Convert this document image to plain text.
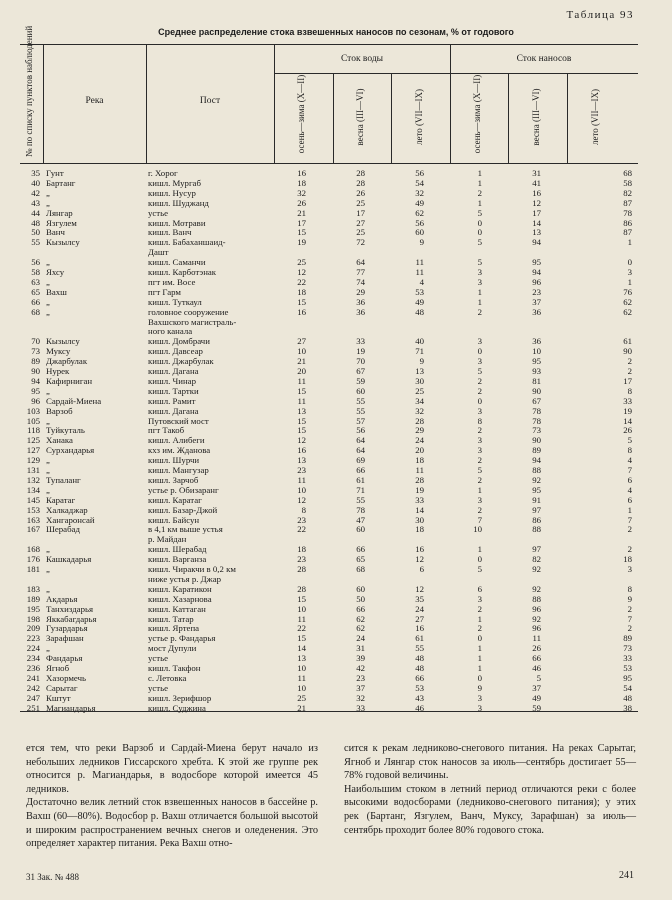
Таблица 93
Среднее распределение стока взвешенных наносов по сезонам, % от годового
№ по списку пунктов наблюдений	Река	Пост
Сток воды	Сток наносов
осень—зима (X—II)	весна (III—VI)	лето (VII—IX)	осень—зима (X—II)	весна (III—VI)	лето (VII—IX)
35 Гунт	г. Хорог	16	28	56	1	31	68
40 Бартанг	кишл. Мургаб	18	28	54	1	41	58
42 „	кишл. Нусур	32	26	32	2	16	82
43 „	кишл. Шуджанд	26	25	49	1	12	87
44 Лянгар	устье	21	17	62	5	17	78
48 Язгулем	кишл. Мотрави	17	27	56	0	14	86
50 Ванч	кишл. Ванч	15	25	60	0	13	87
55 Кызылсу	кишл. Бабаханшаид-	19	72	9	5	94	1
Дашт
56 „	кишл. Саманчи	25	64	11	5	95	0
58 Яхсу	кишл. Карботэнак	12	77	11	3	94	3
63 „	пгт им. Восе	22	74	4	3	96	1
65 Вахш	пгт Гарм	18	29	53	1	23	76
66 „	кишл. Туткаул	15	36	49	1	37	62
68 „	головное сооружение	16	36	48	2	36	62
Вахшского магистраль-
ного канала
70 Кызылсу	кишл. Домбрачи	27	33	40	3	36	61
73 Муксу	кишл. Давсеар	10	19	71	0	10	90
89 Джарбулак	кишл. Джарбулак	21	70	9	3	95	2
90 Нурек	кишл. Дагана	20	67	13	5	93	2
94 Кафирниган	кишл. Чинар	11	59	30	2	81	17
95 „	кишл. Тартки	15	60	25	2	90	8
96 Сардай-Миена	кишл. Рамит	11	55	34	0	67	33
103 Варзоб	кишл. Дагана	13	55	32	3	78	19
105 „	Путовский мост	15	57	28	8	78	14
118 Туйкуталь	пгт Такоб	15	56	29	2	73	26
125 Ханака	кишл. Алибеги	12	64	24	3	90	5
127 Сурхандарья	кхз им. Жданова	16	64	20	3	89	8
129 „	кишл. Шурчи	13	69	18	2	94	4
131 „	кишл. Мангузар	23	66	11	5	88	7
132 Тупаланг	кишл. Зарчоб	11	61	28	2	92	6
134 „	устье р. Обизаранг	10	71	19	1	95	4
145 Каратаг	кишл. Каратаг	12	55	33	3	91	6
153 Халкаджар	кишл. Базар-Джой	8	78	14	2	97	1
163 Хангаронсай	кишл. Байсун	23	47	30	7	86	7
167 Шерабад	в 4,1 км выше устья	22	60	18	10	88	2
р. Майдан
168 „	кишл. Шерабад	18	66	16	1	97	2
176 Кашкадарья	кишл. Варганза	23	65	12	0	82	18
181 „	кишл. Чиракчи в 0,2 км	28	68	6	5	92	3
ниже устья р. Джар
183 „	кишл. Каратикон	28	60	12	6	92	8
189 Акдарья	кишл. Хазарнова	15	50	35	3	88	9
195 Танхиздарья	кишл. Каттаган	10	66	24	2	96	2
198 Яккабагдарья	кишл. Татар	11	62	27	1	92	7
209 Гузардарья	кишл. Яртепа	22	62	16	2	96	2
223 Зарафшан	устье р. Фандарья	15	24	61	0	11	89
224 „	мост Дупули	14	31	55	1	26	73
234 Фандарья	устье	13	39	48	1	66	33
236 Ягноб	кишл. Такфон	10	42	48	1	46	53
241 Хазормечь	с. Летовка	11	23	66	0	5	95
242 Сарытаг	устье	10	37	53	9	37	54
247 Кштут	кишл. Зерифшор	25	32	43	3	49	48
251 Магиандарья	кишл. Суджина	21	33	46	3	59	38
ется тем, что реки Варзоб и Сардай-Миена берут начало из небольших ледников Гиссарского хребта. К этой же группе рек относится р. Магиандарья, в водосборе которой имеется 45 ледников.
Достаточно велик летний сток взвешенных наносов в бассейне р. Вахш (60—80%). Водосбор р. Вахш отличается большой высотой и широким распространением вечных снегов и оледенения. Это определяет характер питания. Река Вахш отно-
сится к рекам ледниково-снегового питания. На реках Сарытаг, Ягноб и Лянгар сток наносов за июль—сентябрь достигает 55—78% годовой величины.
Наибольшим стоком в летний период отличаются реки с более высокими водосборами (ледниково-снегового питания); у этих рек (Бартанг, Язгулем, Ванч, Муксу, Зарафшан) за июль—сентябрь проходит более 80% годового стока.
31 Зак. № 488	241
